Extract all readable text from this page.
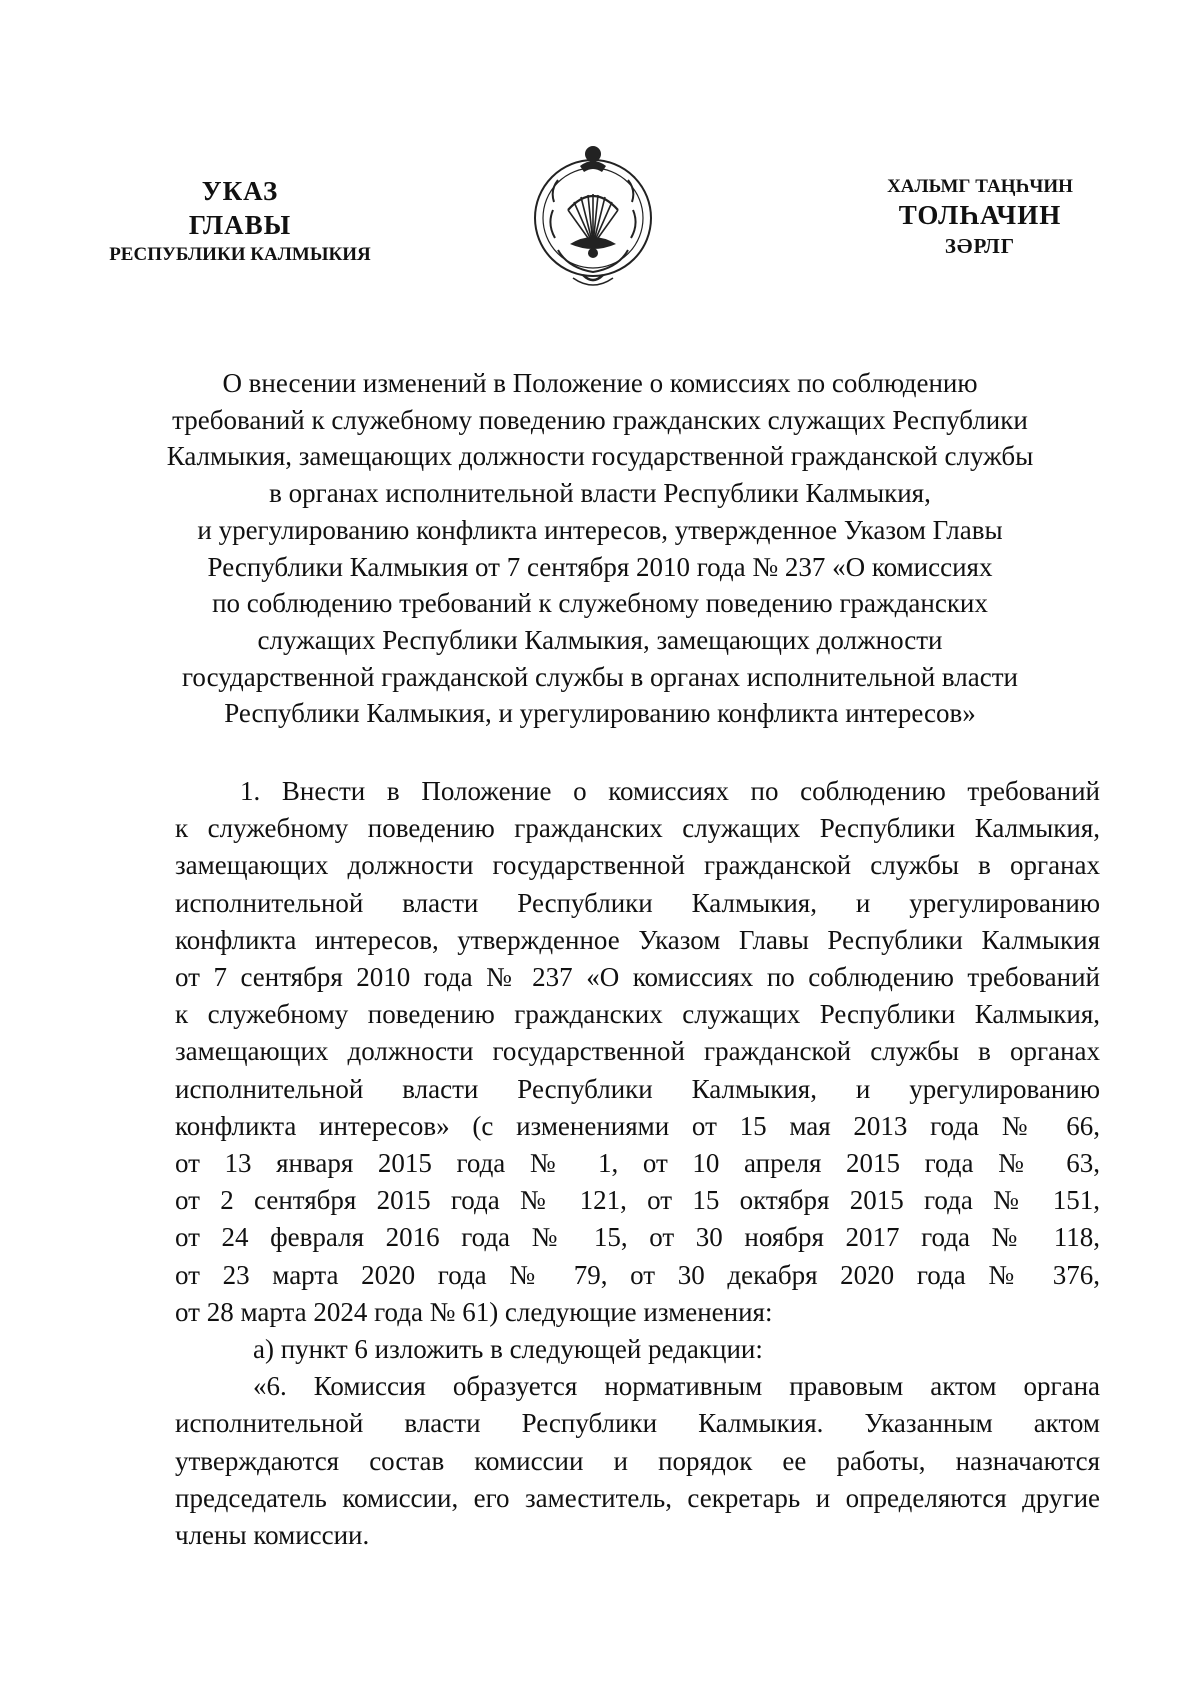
УКАЗ
ГЛАВЫ
РЕСПУБЛИКИ КАЛМЫКИЯ
ХАЛЬМГ ТАҢҺЧИН
ТОЛҺАЧИН
ЗӘРЛГ
О внесении изменений в Положение о комиссиях по соблюдению
требований к служебному поведению гражданских служащих Республики
Калмыкия, замещающих должности государственной гражданской службы
в органах исполнительной власти Республики Калмыкия,
и урегулированию конфликта интересов, утвержденное Указом Главы
Республики Калмыкия от 7 сентября 2010 года № 237 «О комиссиях
по соблюдению требований к служебному поведению гражданских
служащих Республики Калмыкия, замещающих должности
государственной гражданской службы в органах исполнительной власти
Республики Калмыкия, и урегулированию конфликта интересов»
1. Внести в Положение о комиссиях по соблюдению требований
к служебному поведению гражданских служащих Республики Калмыкия,
замещающих должности государственной гражданской службы в органах
исполнительной власти Республики Калмыкия, и урегулированию
конфликта интересов, утвержденное Указом Главы Республики Калмыкия
от 7 сентября 2010 года № 237 «О комиссиях по соблюдению требований
к служебному поведению гражданских служащих Республики Калмыкия,
замещающих должности государственной гражданской службы в органах
исполнительной власти Республики Калмыкия, и урегулированию
конфликта интересов» (с изменениями от 15 мая 2013 года № 66,
от 13 января 2015 года № 1, от 10 апреля 2015 года № 63,
от 2 сентября 2015 года № 121, от 15 октября 2015 года № 151,
от 24 февраля 2016 года № 15, от 30 ноября 2017 года № 118,
от 23 марта 2020 года № 79, от 30 декабря 2020 года № 376,
от 28 марта 2024 года № 61) следующие изменения:
а) пункт 6 изложить в следующей редакции:
«6. Комиссия образуется нормативным правовым актом органа
исполнительной власти Республики Калмыкия. Указанным актом
утверждаются состав комиссии и порядок ее работы, назначаются
председатель комиссии, его заместитель, секретарь и определяются другие
члены комиссии.
